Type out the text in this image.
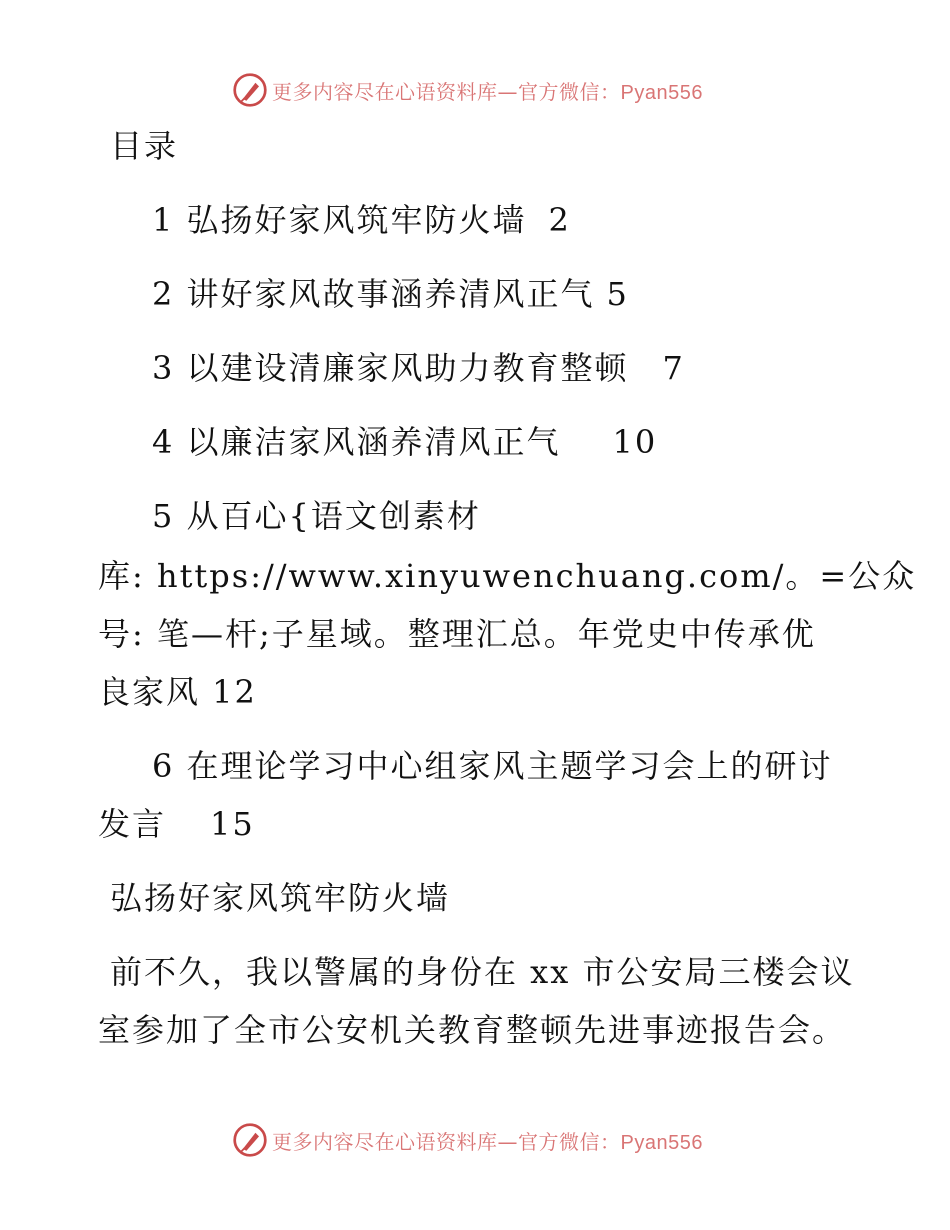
更多内容尽在心语资料库—官方微信：Pyan556
目录
1 弘扬好家风筑牢防火墙 2
2 讲好家风故事涵养清风正气 5
3 以建设清廉家风助力教育整顿 7
4 以廉洁家风涵养清风正气 10
5 从百心{语文创素材
库: https://www.xinyuwenchuang.com/。=公众
号: 笔—杆;子星域。整理汇总。年党史中传承优
良家风 12
6 在理论学习中心组家风主题学习会上的研讨
发言 15
弘扬好家风筑牢防火墙
前不久，我以警属的身份在 xx 市公安局三楼会议
室参加了全市公安机关教育整顿先进事迹报告会。
更多内容尽在心语资料库—官方微信：Pyan556
